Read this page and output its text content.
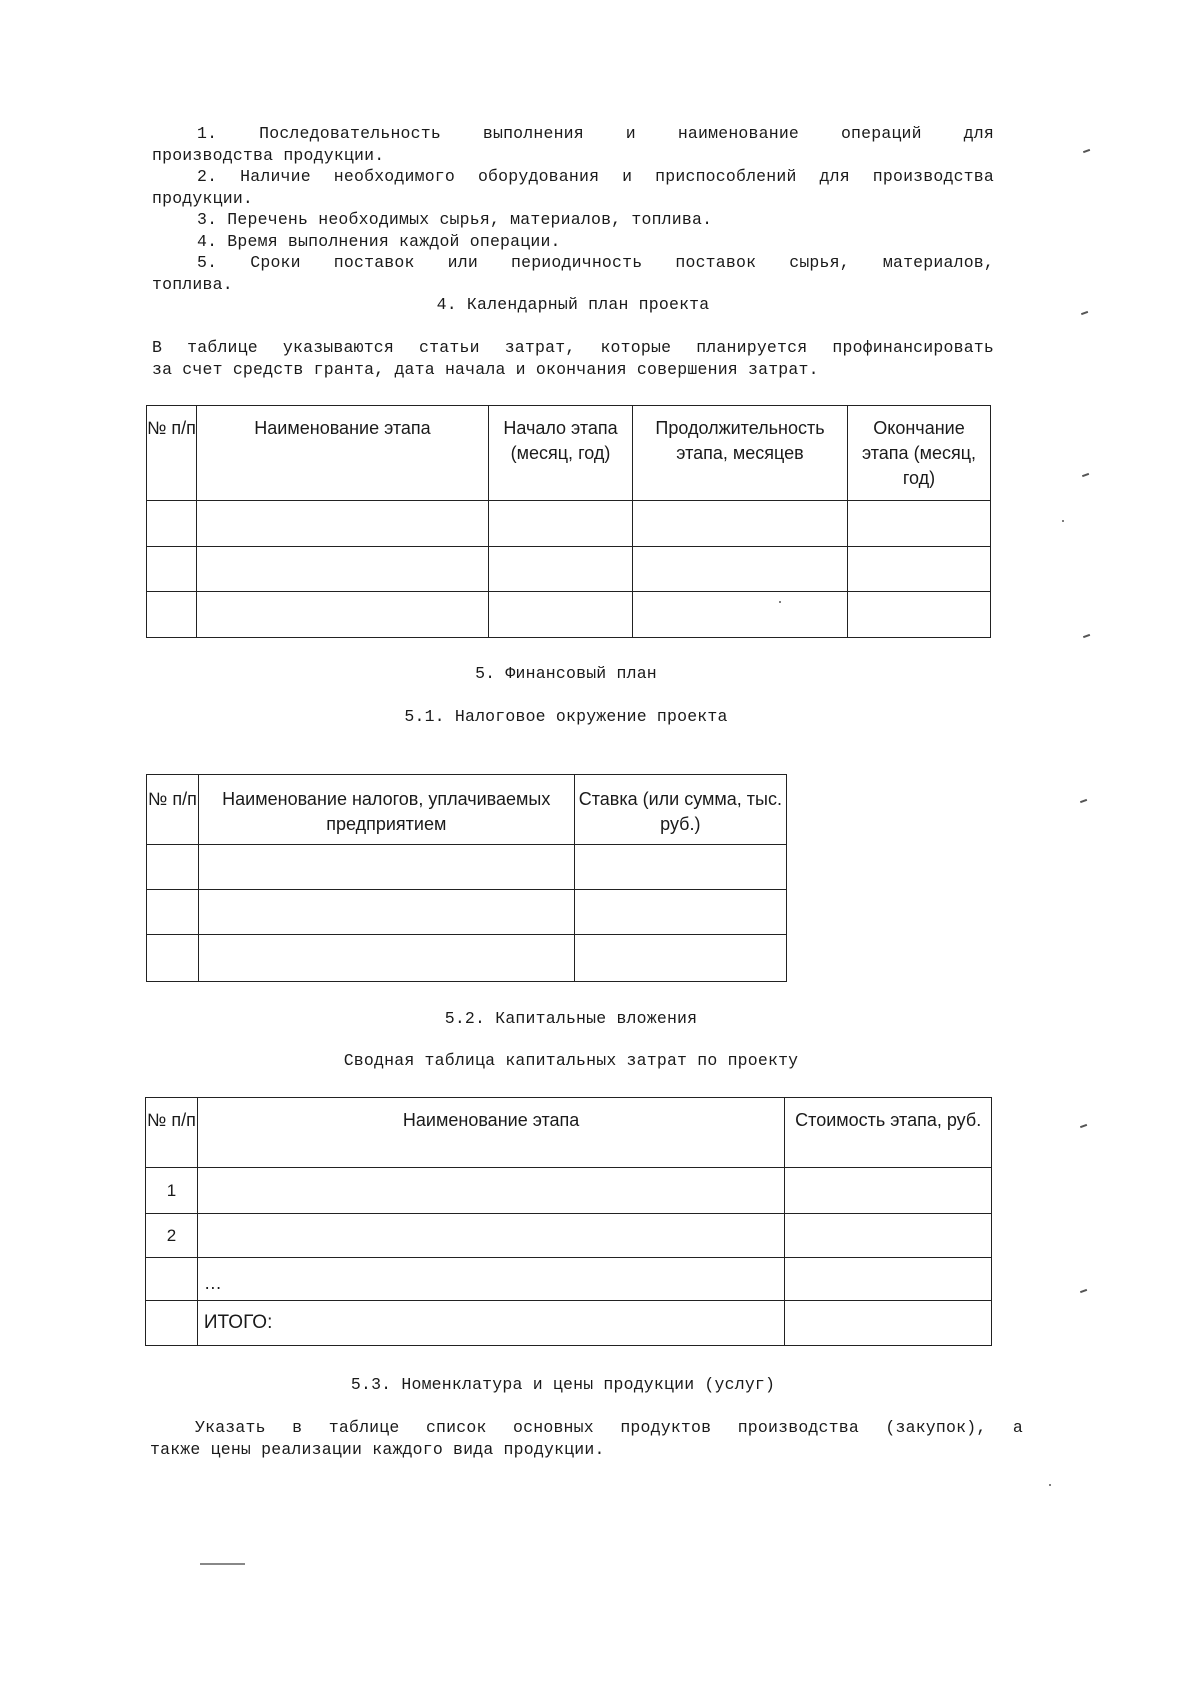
1. Последовательность выполнения и наименование операций для
производства продукции.
2. Наличие необходимого оборудования и приспособлений для производства
продукции.
3. Перечень необходимых сырья, материалов, топлива.
4. Время выполнения каждой операции.
5. Сроки поставок или периодичность поставок сырья, материалов,
топлива.
4. Календарный план проекта
В таблице указываются статьи затрат, которые планируется профинансировать
за счет средств гранта, дата начала и окончания совершения затрат.
№ п/п	Наименование этапа	Начало этапа (месяц, год)	Продолжительность этапа, месяцев	Окончание этапа (месяц, год)

5. Финансовый план
5.1. Налоговое окружение проекта
№ п/п	Наименование налогов, уплачиваемых предприятием	Ставка (или сумма, тыс. руб.)

5.2. Капитальные вложения
Сводная таблица капитальных затрат по проекту
№ п/п	Наименование этапа	Стоимость этапа, руб.
1		
2		
	…	
	ИТОГО:	
5.3. Номенклатура и цены продукции (услуг)
Указать в таблице список основных продуктов производства (закупок), а
также цены реализации каждого вида продукции.
